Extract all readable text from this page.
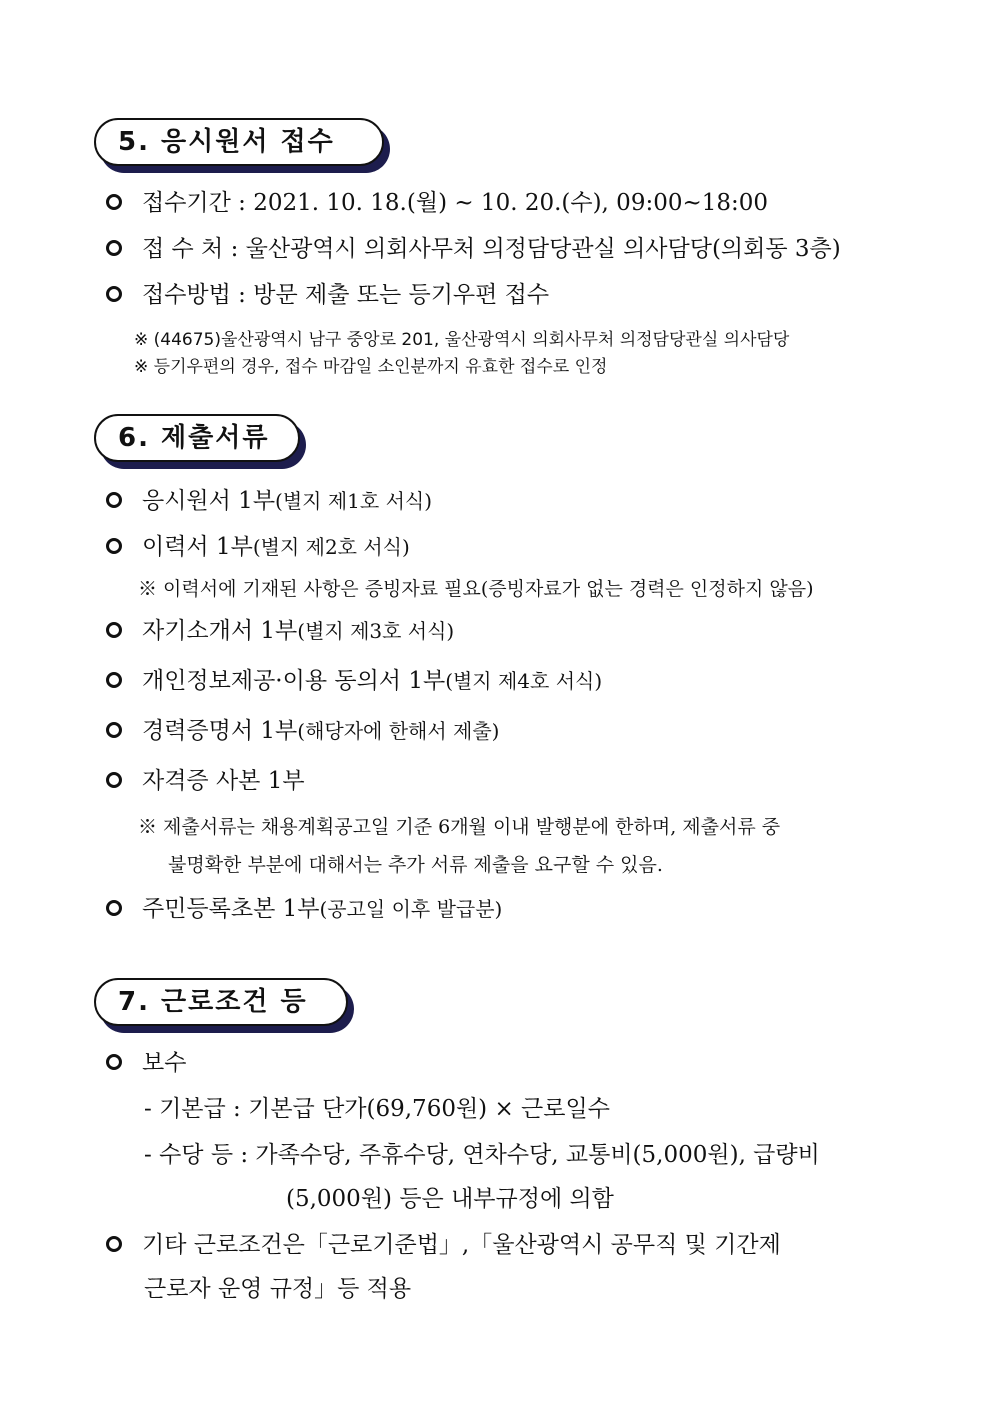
5. 응시원서 접수
접수기간 : 2021. 10. 18.(월) ~ 10. 20.(수), 09:00~18:00
접 수 처 : 울산광역시 의회사무처 의정담당관실 의사담당(의회동 3층)
접수방법 : 방문 제출 또는 등기우편 접수
※ (44675)울산광역시 남구 중앙로 201, 울산광역시 의회사무처 의정담당관실 의사담당
※ 등기우편의 경우, 접수 마감일 소인분까지 유효한 접수로 인정
6. 제출서류
응시원서 1부(별지 제1호 서식)
이력서 1부(별지 제2호 서식)
※ 이력서에 기재된 사항은 증빙자료 필요(증빙자료가 없는 경력은 인정하지 않음)
자기소개서 1부(별지 제3호 서식)
개인정보제공·이용 동의서 1부(별지 제4호 서식)
경력증명서 1부(해당자에 한해서 제출)
자격증 사본 1부
※ 제출서류는 채용계획공고일 기준 6개월 이내 발행분에 한하며, 제출서류 중
불명확한 부분에 대해서는 추가 서류 제출을 요구할 수 있음.
주민등록초본 1부(공고일 이후 발급분)
7. 근로조건 등
보수
- 기본급 : 기본급 단가(69,760원) × 근로일수
- 수당 등 : 가족수당, 주휴수당, 연차수당, 교통비(5,000원), 급량비
(5,000원) 등은 내부규정에 의함
기타 근로조건은「근로기준법」,「울산광역시 공무직 및 기간제
근로자 운영 규정」등 적용
